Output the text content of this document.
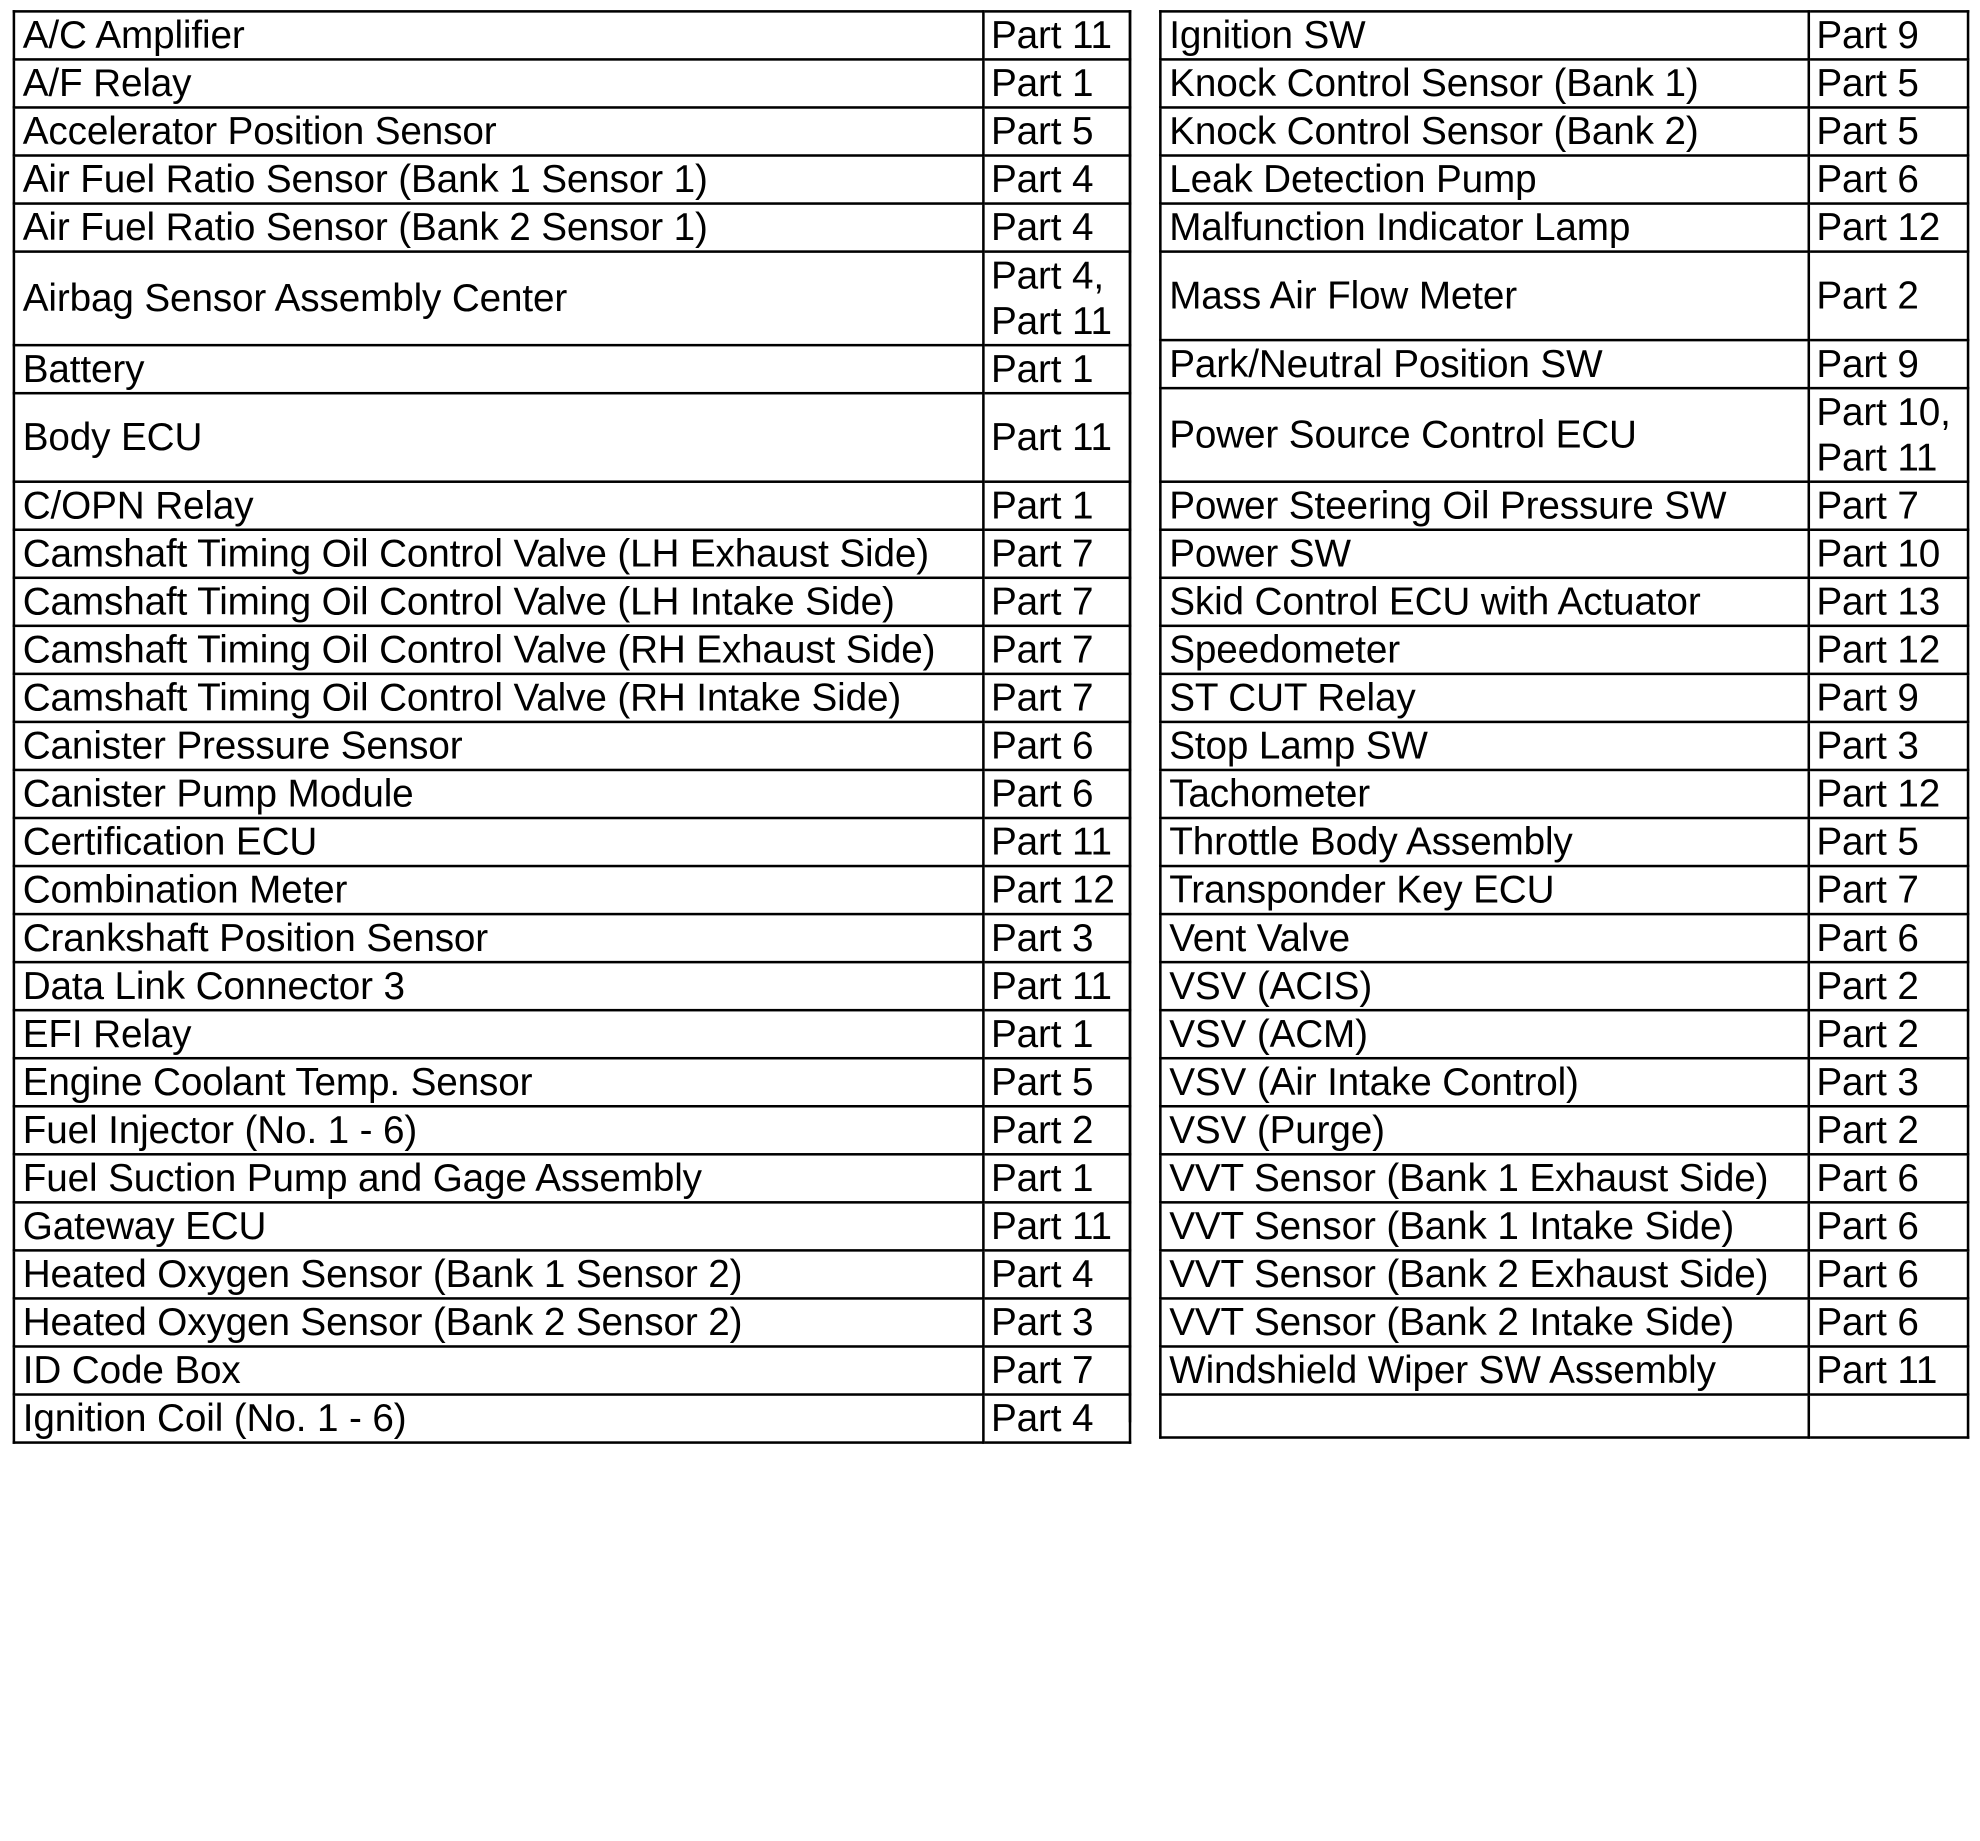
A/C Amplifier	Part 11

A/F Relay	Part 1

Accelerator Position Sensor	Part 5

Air Fuel Ratio Sensor (Bank 1 Sensor 1)	Part 4

Air Fuel Ratio Sensor (Bank 2 Sensor 1)	Part 4

Airbag Sensor Assembly Center	Part 4,
Part 11

Battery	Part 1

Body ECU	Part 11

C/OPN Relay	Part 1

Camshaft Timing Oil Control Valve (LH Exhaust Side)	Part 7

Camshaft Timing Oil Control Valve (LH Intake Side)	Part 7

Camshaft Timing Oil Control Valve (RH Exhaust Side)	Part 7

Camshaft Timing Oil Control Valve (RH Intake Side)	Part 7

Canister Pressure Sensor	Part 6

Canister Pump Module	Part 6

Certification ECU	Part 11

Combination Meter	Part 12

Crankshaft Position Sensor	Part 3

Data Link Connector 3	Part 11

EFI Relay	Part 1

Engine Coolant Temp. Sensor	Part 5

Fuel Injector (No. 1 - 6)	Part 2

Fuel Suction Pump and Gage Assembly	Part 1

Gateway ECU	Part 11

Heated Oxygen Sensor (Bank 1 Sensor 2)	Part 4

Heated Oxygen Sensor (Bank 2 Sensor 2)	Part 3

ID Code Box	Part 7

Ignition Coil (No. 1 - 6)	Part 4
Ignition SW	Part 9

Knock Control Sensor (Bank 1)	Part 5

Knock Control Sensor (Bank 2)	Part 5

Leak Detection Pump	Part 6

Malfunction Indicator Lamp	Part 12

Mass Air Flow Meter	Part 2

Park/Neutral Position SW	Part 9

Power Source Control ECU	Part 10,
Part 11

Power Steering Oil Pressure SW	Part 7

Power SW	Part 10

Skid Control ECU with Actuator	Part 13

Speedometer	Part 12

ST CUT Relay	Part 9

Stop Lamp SW	Part 3

Tachometer	Part 12

Throttle Body Assembly	Part 5

Transponder Key ECU	Part 7

Vent Valve	Part 6

VSV (ACIS)	Part 2

VSV (ACM)	Part 2

VSV (Air Intake Control)	Part 3

VSV (Purge)	Part 2

VVT Sensor (Bank 1 Exhaust Side)	Part 6

VVT Sensor (Bank 1 Intake Side)	Part 6

VVT Sensor (Bank 2 Exhaust Side)	Part 6

VVT Sensor (Bank 2 Intake Side)	Part 6

Windshield Wiper SW Assembly	Part 11
